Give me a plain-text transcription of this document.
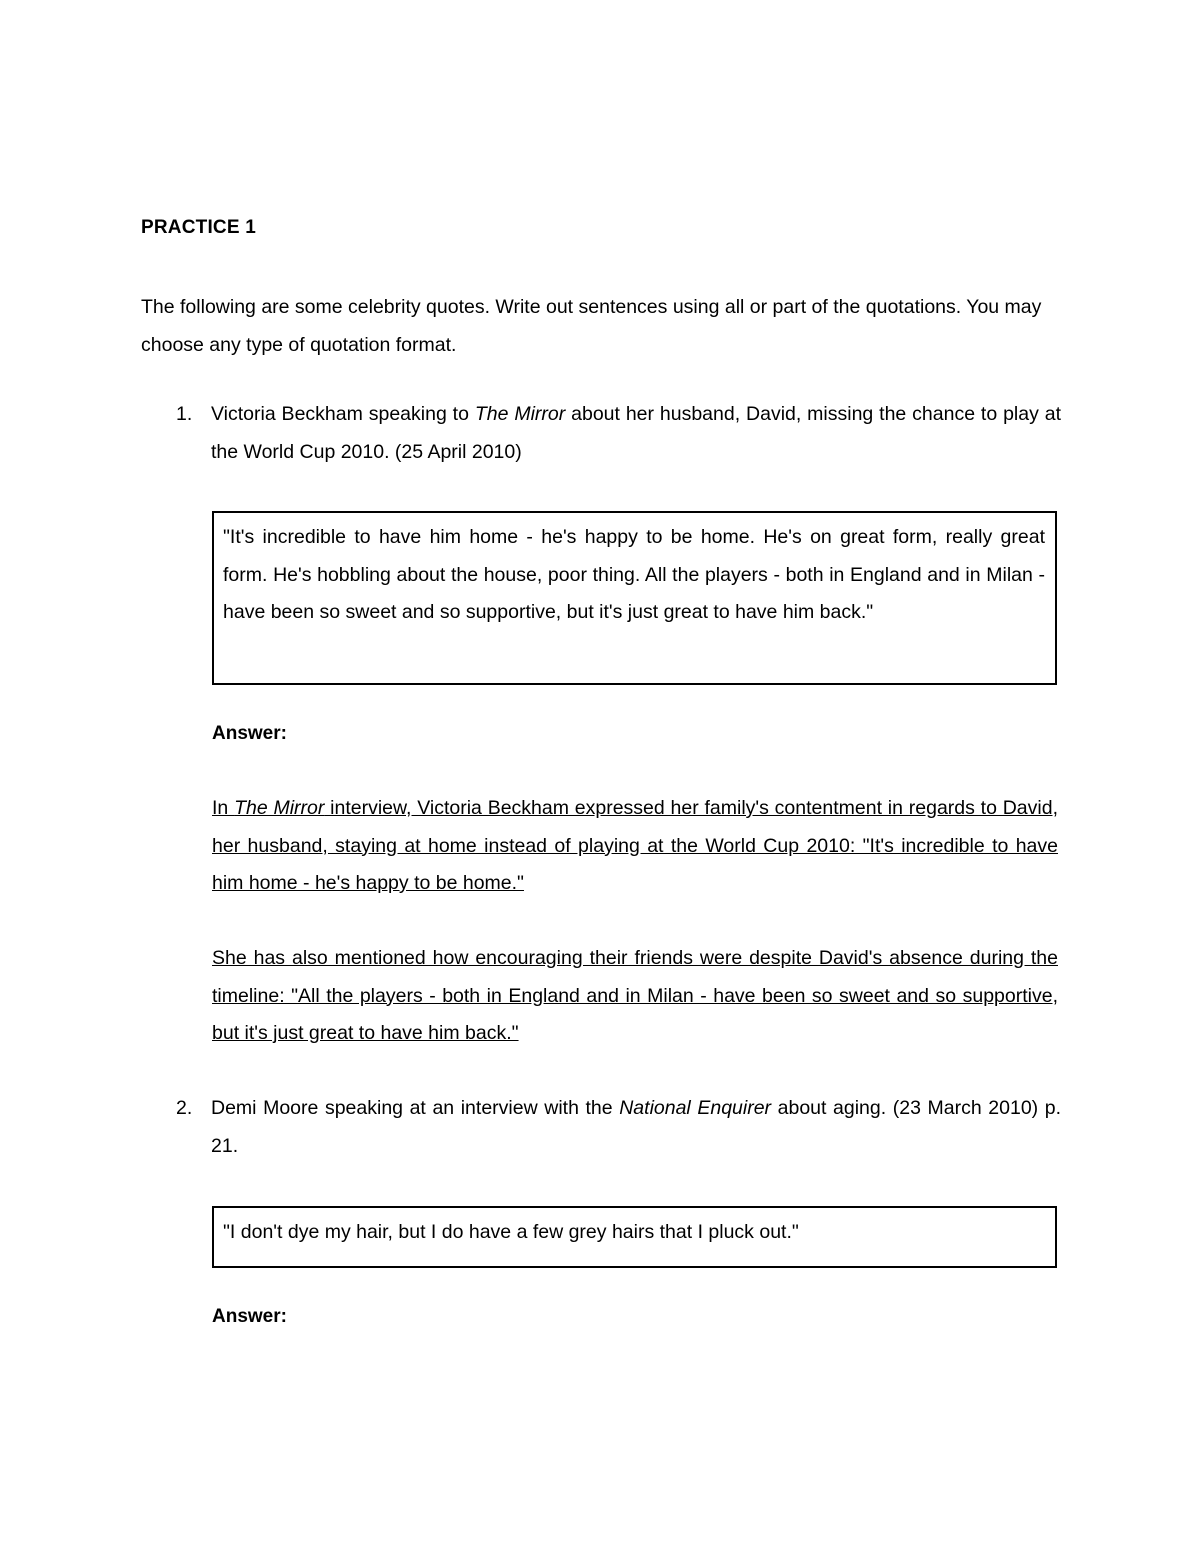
PRACTICE 1
The following are some celebrity quotes. Write out sentences using all or part of the quotations. You may choose any type of quotation format.
1. Victoria Beckham speaking to The Mirror about her husband, David, missing the chance to play at the World Cup 2010. (25 April 2010)
"It's incredible to have him home - he's happy to be home. He's on great form, really great form. He's hobbling about the house, poor thing. All the players - both in England and in Milan - have been so sweet and so supportive, but it's just great to have him back."
Answer:
In The Mirror interview, Victoria Beckham expressed her family's contentment in regards to David, her husband, staying at home instead of playing at the World Cup 2010: "It's incredible to have him home - he's happy to be home."
She has also mentioned how encouraging their friends were despite David's absence during the timeline: "All the players - both in England and in Milan - have been so sweet and so supportive, but it's just great to have him back."
2. Demi Moore speaking at an interview with the National Enquirer about aging. (23 March 2010) p. 21.
"I don't dye my hair, but I do have a few grey hairs that I pluck out."
Answer:
